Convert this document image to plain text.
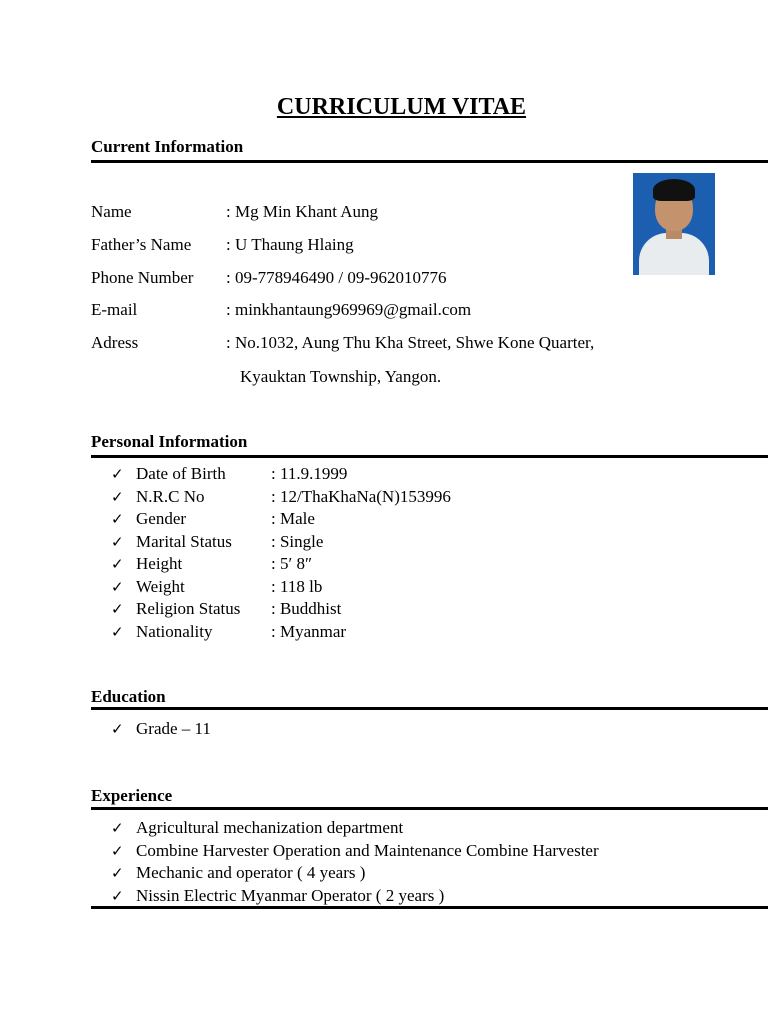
CURRICULUM VITAE
Current Information
Name	: Mg Min Khant Aung
Father’s Name : U Thaung Hlaing
Phone Number : 09-778946490 / 09-962010776
E-mail	: minkhantaung969969@gmail.com
Adress	: No.1032, Aung Thu Kha Street, Shwe Kone Quarter,
Kyauktan Township, Yangon.
Personal Information
✓ Date of Birth	: 11.9.1999
✓ N.R.C No	: 12/ThaKhaNa(N)153996
✓ Gender	: Male
✓ Marital Status : Single
✓ Height	: 5′ 8″
✓ Weight	: 118 lb
✓ Religion Status : Buddhist
✓ Nationality	: Myanmar
Education
✓ Grade – 11
Experience
✓ Agricultural mechanization department
✓ Combine Harvester Operation and Maintenance Combine Harvester
✓ Mechanic and operator ( 4 years )
✓ Nissin Electric Myanmar Operator ( 2 years )
